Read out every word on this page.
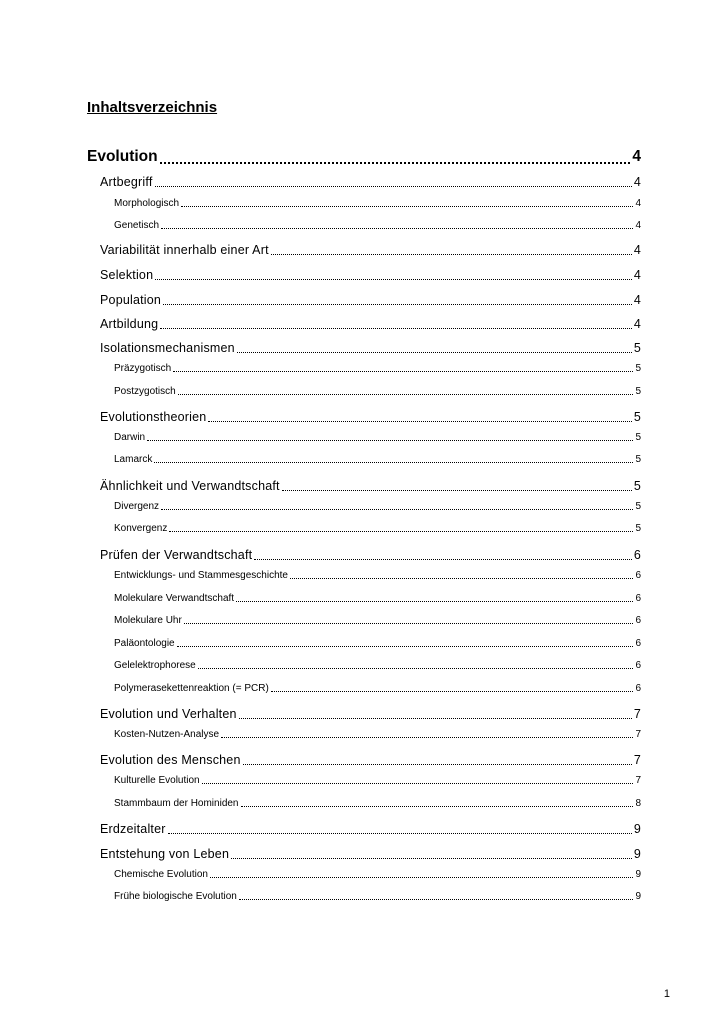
Inhaltsverzeichnis
Evolution	4
Artbegriff	4
Morphologisch	4
Genetisch	4
Variabilität innerhalb einer Art	4
Selektion	4
Population	4
Artbildung	4
Isolationsmechanismen	5
Präzygotisch	5
Postzygotisch	5
Evolutionstheorien	5
Darwin	5
Lamarck	5
Ähnlichkeit und Verwandtschaft	5
Divergenz	5
Konvergenz	5
Prüfen der Verwandtschaft	6
Entwicklungs- und Stammesgeschichte	6
Molekulare Verwandtschaft	6
Molekulare Uhr	6
Paläontologie	6
Gelelektrophorese	6
Polymerasekettenreaktion (= PCR)	6
Evolution und Verhalten	7
Kosten-Nutzen-Analyse	7
Evolution des Menschen	7
Kulturelle Evolution	7
Stammbaum der Hominiden	8
Erdzeitalter	9
Entstehung von Leben	9
Chemische Evolution	9
Frühe biologische Evolution	9
1
